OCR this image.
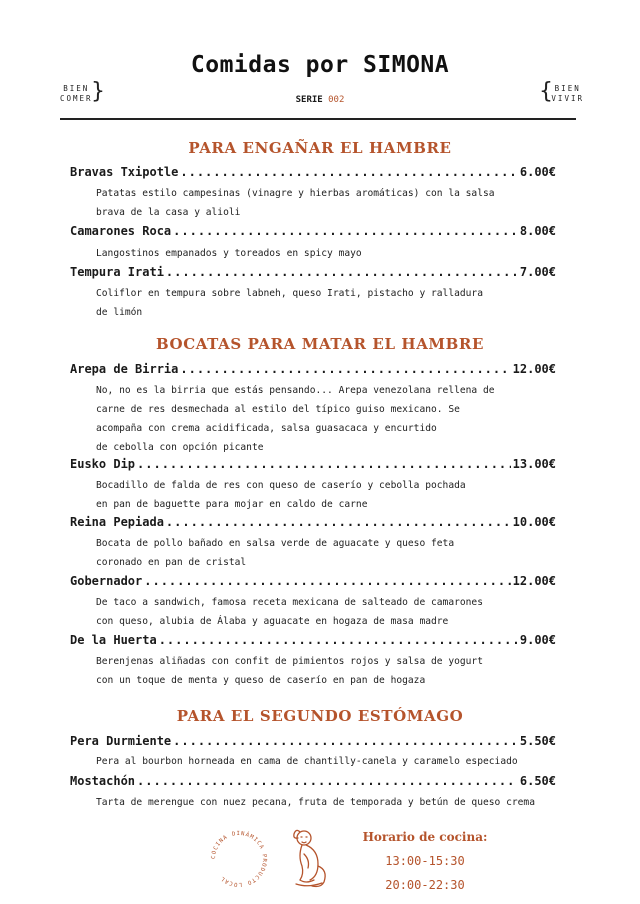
Comidas por SIMONA
BIEN
COMER
}	{ BIEN
VIVIR
SERIE 002
PARA ENGAÑAR EL HAMBRE
Bravas Txipotle .....	6.00€
Patatas estilo campesinas (vinagre y hierbas aromáticas) con la salsa
brava de la casa y alioli
Camarones Roca .....	8.00€
Langostinos empanados y toreados en spicy mayo
Tempura Irati .....	7.00€
Coliflor en tempura sobre labneh, queso Irati, pistacho y ralladura
de limón
BOCATAS PARA MATAR EL HAMBRE
Arepa de Birria .....	12.00€
No, no es la birria que estás pensando... Arepa venezolana rellena de
carne de res desmechada al estilo del típico guiso mexicano. Se
acompaña con crema acidificada, salsa guasacaca y encurtido
de cebolla con opción picante
Eusko Dip .....	13.00€
Bocadillo de falda de res con queso de caserío y cebolla pochada
en pan de baguette para mojar en caldo de carne
Reina Pepiada .....	10.00€
Bocata de pollo bañado en salsa verde de aguacate y queso feta
coronado en pan de cristal
Gobernador .....	12.00€
De taco a sandwich, famosa receta mexicana de salteado de camarones
con queso, alubia de Álaba y aguacate en hogaza de masa madre
De la Huerta .....	9.00€
Berenjenas aliñadas con confit de pimientos rojos y salsa de yogurt
con un toque de menta y queso de caserío en pan de hogaza
PARA EL SEGUNDO ESTÓMAGO
Pera Durmiente .....	5.50€
Pera al bourbon horneada en cama de chantilly-canela y caramelo especiado
Mostachón .....	6.50€
Tarta de merengue con nuez pecana, fruta de temporada y betún de queso crema
COCINA DINÁMICA PRODUCTO LOCAL
Horario de cocina:
13:00-15:30
20:00-22:30
